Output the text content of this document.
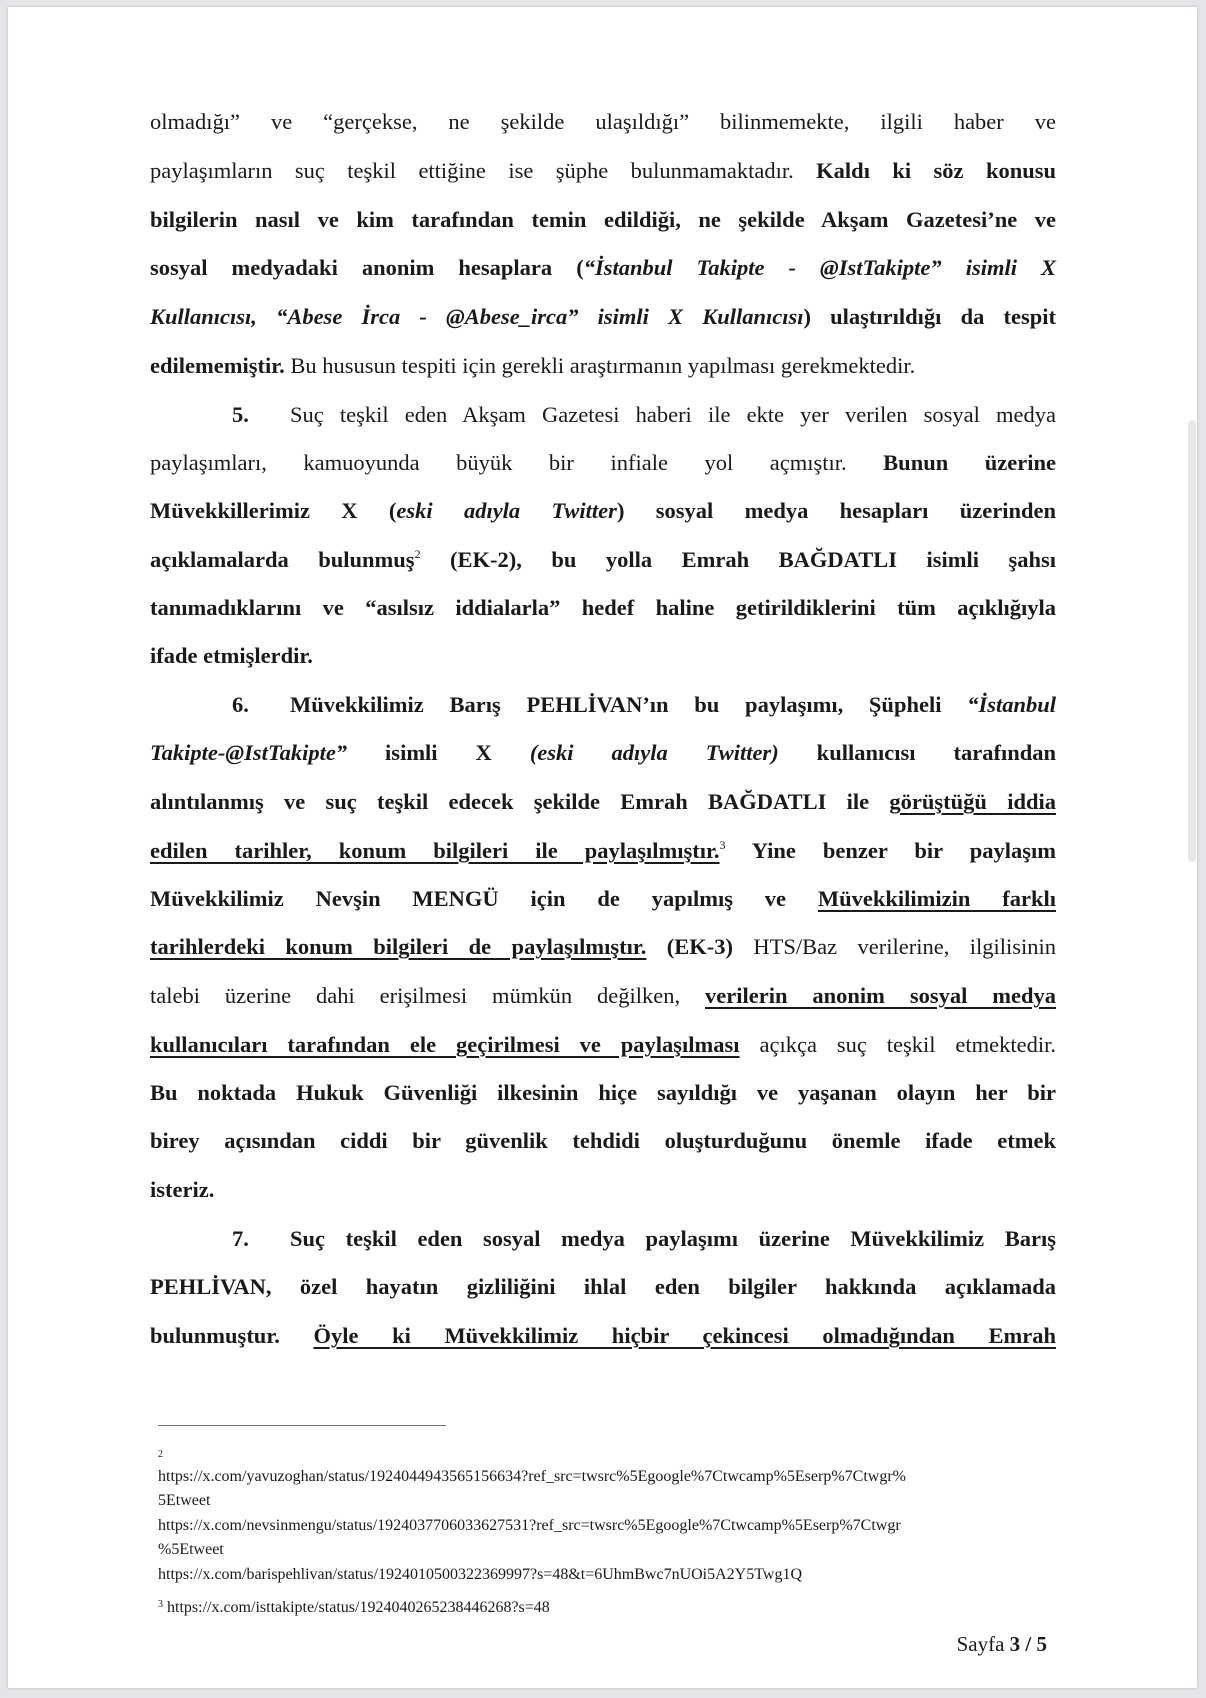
olmadığı” ve “gerçekse, ne şekilde ulaşıldığı” bilinmemekte, ilgili haber ve
paylaşımların suç teşkil ettiğine ise şüphe bulunmamaktadır. Kaldı ki söz konusu
bilgilerin nasıl ve kim tarafından temin edildiği, ne şekilde Akşam Gazetesi’ne ve
sosyal medyadaki anonim hesaplara (“İstanbul Takipte - @IstTakipte” isimli X
Kullanıcısı, “Abese İrca - @Abese_irca” isimli X Kullanıcısı) ulaştırıldığı da tespit
edilememiştir. Bu hususun tespiti için gerekli araştırmanın yapılması gerekmektedir.
5. Suç teşkil eden Akşam Gazetesi haberi ile ekte yer verilen sosyal medya
paylaşımları, kamuoyunda büyük bir infiale yol açmıştır. Bunun üzerine
Müvekkillerimiz X (eski adıyla Twitter) sosyal medya hesapları üzerinden
açıklamalarda bulunmuş$^2$ (EK-2), bu yolla Emrah BAĞDATLI isimli şahsı
tanımadıklarını ve “asılsız iddialarla” hedef haline getirildiklerini tüm açıklığıyla
ifade etmişlerdir.
6. Müvekkilimiz Barış PEHLİVAN’ın bu paylaşımı, Şüpheli “İstanbul
Takipte-@IstTakipte” isimli X (eski adıyla Twitter) kullanıcısı tarafından
alıntılanmış ve suç teşkil edecek şekilde Emrah BAĞDATLI ile görüştüğü iddia
edilen tarihler, konum bilgileri ile paylaşılmıştır.$^3$ Yine benzer bir paylaşım
Müvekkilimiz Nevşin MENGÜ için de yapılmış ve Müvekkilimizin farklı
tarihlerdeki konum bilgileri de paylaşılmıştır. (EK-3) HTS/Baz verilerine, ilgilisinin
talebi üzerine dahi erişilmesi mümkün değilken, verilerin anonim sosyal medya
kullanıcıları tarafından ele geçirilmesi ve paylaşılması açıkça suç teşkil etmektedir.
Bu noktada Hukuk Güvenliği ilkesinin hiçe sayıldığı ve yaşanan olayın her bir
birey açısından ciddi bir güvenlik tehdidi oluşturduğunu önemle ifade etmek
isteriz.
7. Suç teşkil eden sosyal medya paylaşımı üzerine Müvekkilimiz Barış
PEHLİVAN, özel hayatın gizliliğini ihlal eden bilgiler hakkında açıklamada
bulunmuştur. Öyle ki Müvekkilimiz hiçbir çekincesi olmadığından Emrah
2
https://x.com/yavuzoghan/status/1924044943565156634?ref_src=twsrc%5Egoogle%7Ctwcamp%5Eserp%7Ctwgr%
5Etweet
https://x.com/nevsinmengu/status/1924037706033627531?ref_src=twsrc%5Egoogle%7Ctwcamp%5Eserp%7Ctwgr
%5Etweet
https://x.com/barispehlivan/status/1924010500322369997?s=48&t=6UhmBwc7nUOi5A2Y5Twg1Q
$^3$ https://x.com/isttakipte/status/1924040265238446268?s=48
Sayfa 3 / 5
